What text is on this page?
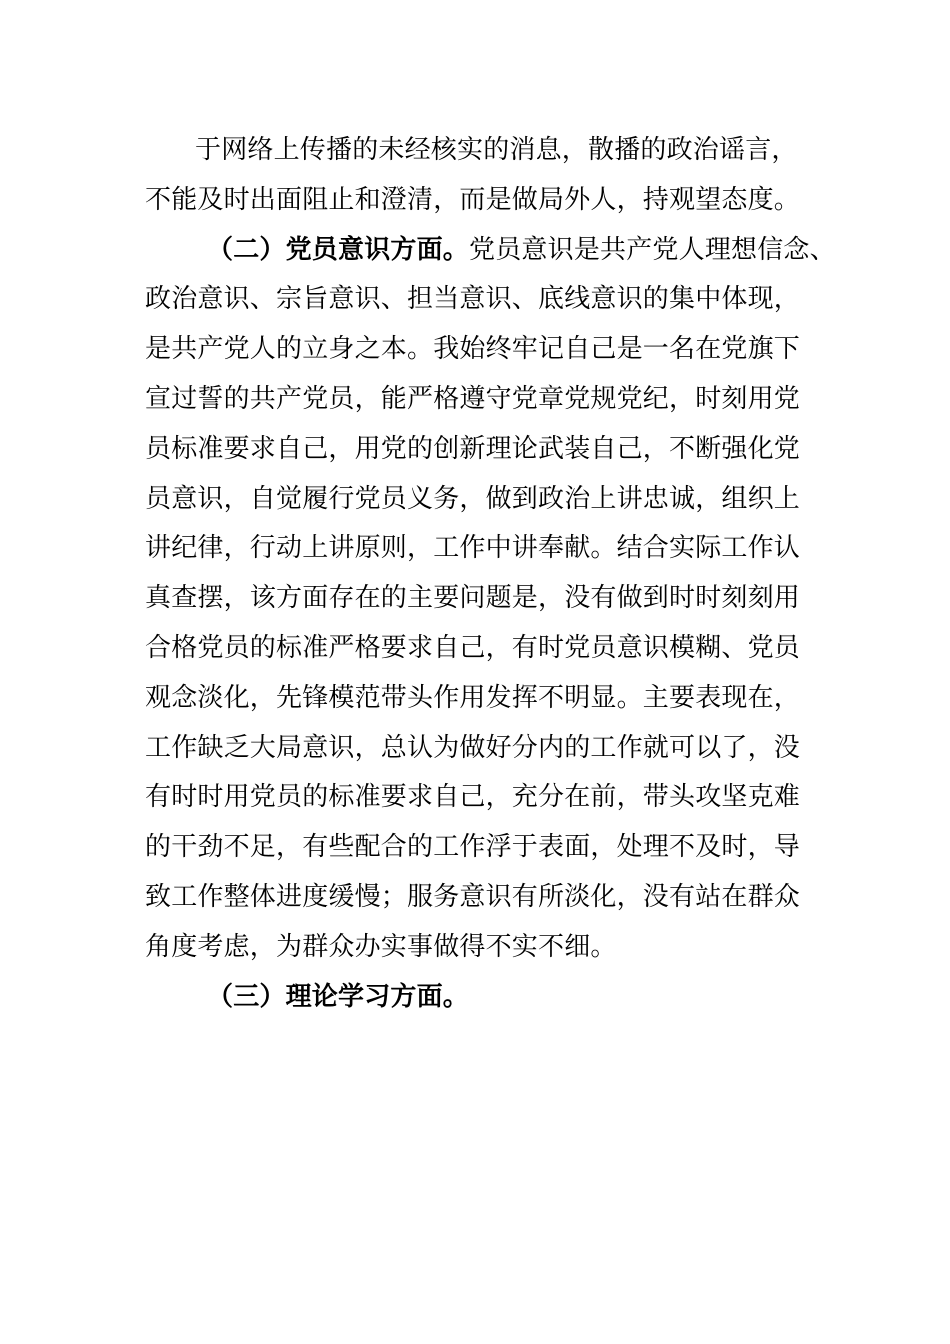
于网络上传播的未经核实的消息，散播的政治谣言，
不能及时出面阻止和澄清，而是做局外人，持观望态度。
（二）党员意识方面。党员意识是共产党人理想信念、
政治意识、宗旨意识、担当意识、底线意识的集中体现，
是共产党人的立身之本。我始终牢记自己是一名在党旗下
宣过誓的共产党员，能严格遵守党章党规党纪，时刻用党
员标准要求自己，用党的创新理论武装自己，不断强化党
员意识，自觉履行党员义务，做到政治上讲忠诚，组织上
讲纪律，行动上讲原则，工作中讲奉献。结合实际工作认
真查摆，该方面存在的主要问题是，没有做到时时刻刻用
合格党员的标准严格要求自己，有时党员意识模糊、党员
观念淡化，先锋模范带头作用发挥不明显。主要表现在，
工作缺乏大局意识，总认为做好分内的工作就可以了，没
有时时用党员的标准要求自己，充分在前，带头攻坚克难
的干劲不足，有些配合的工作浮于表面，处理不及时，导
致工作整体进度缓慢；服务意识有所淡化，没有站在群众
角度考虑，为群众办实事做得不实不细。
（三）理论学习方面。
